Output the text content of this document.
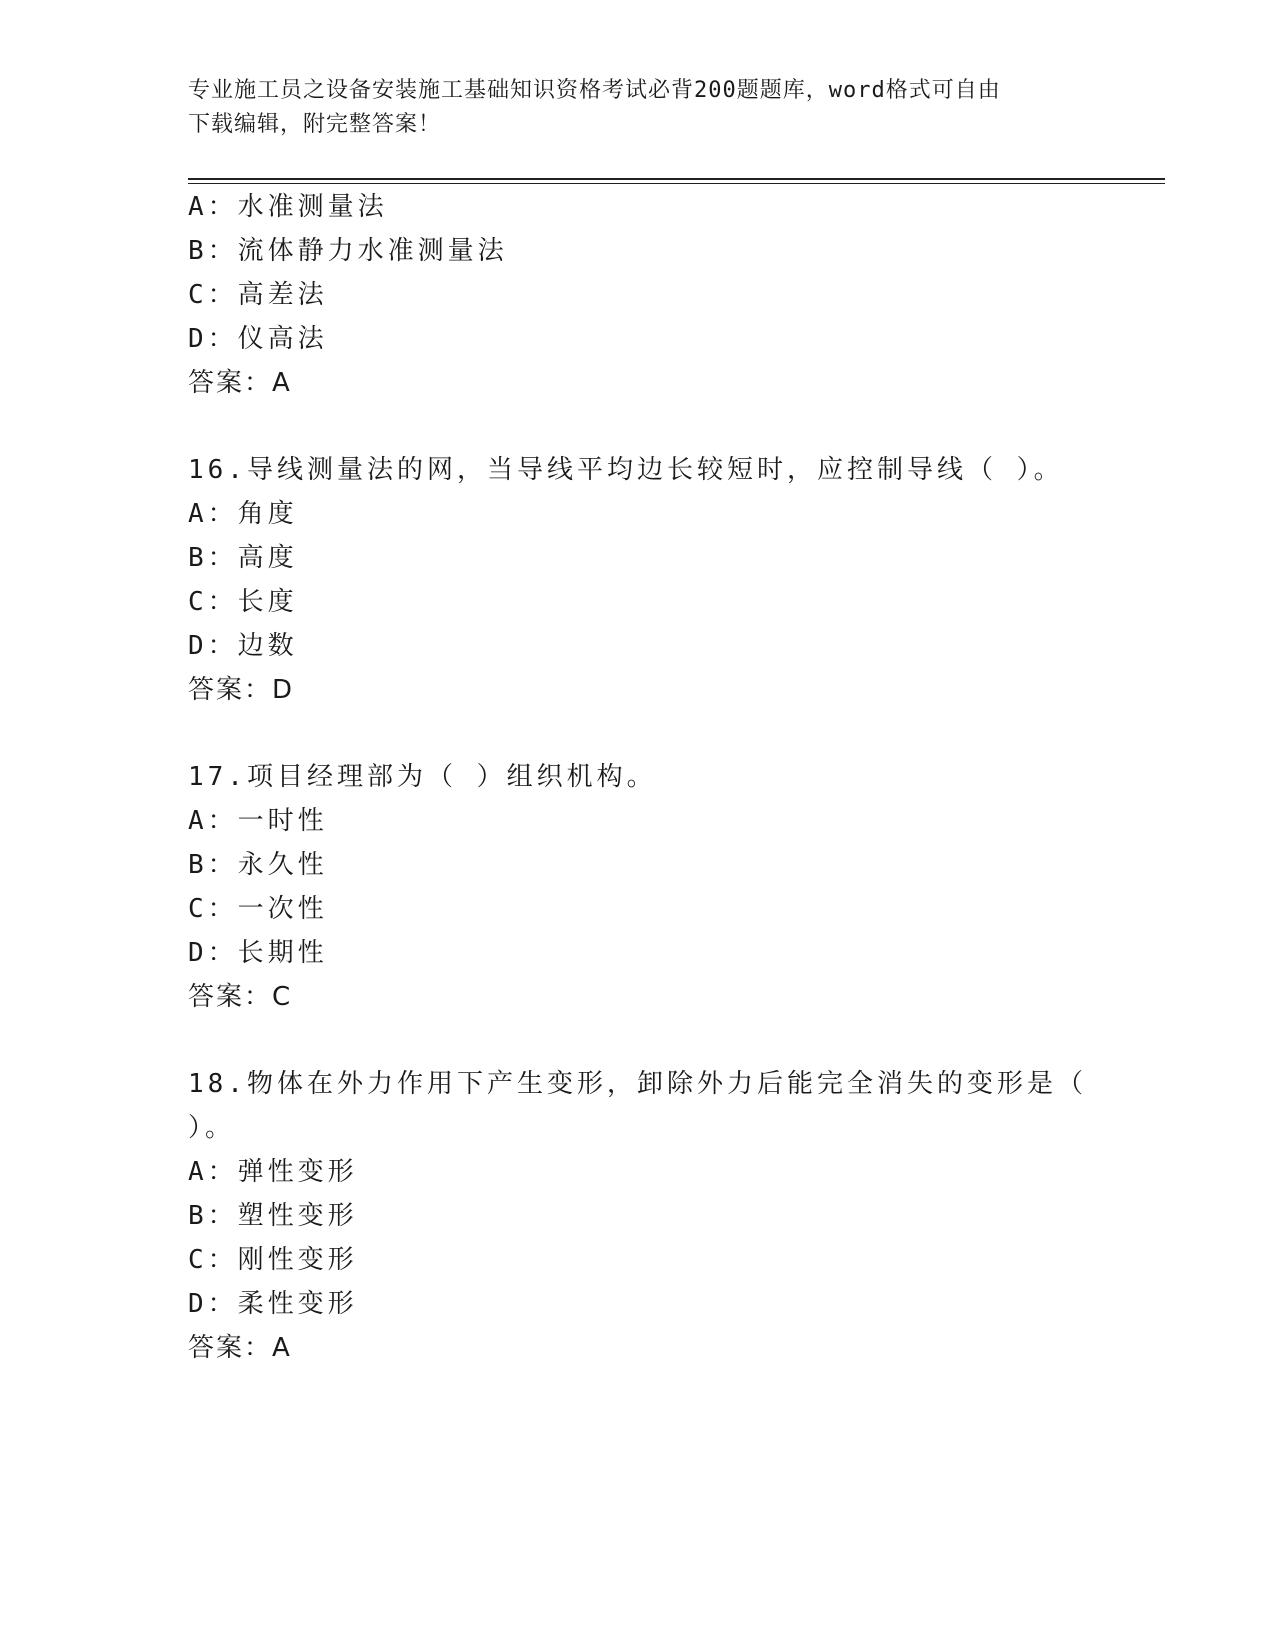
专业施工员之设备安装施工基础知识资格考试必背200题题库，word格式可自由
下载编辑，附完整答案！
A：水准测量法
B：流体静力水准测量法
C：高差法
D：仪高法
答案：A
16.导线测量法的网，当导线平均边长较短时，应控制导线（ ）。
A：角度
B：高度
C：长度
D：边数
答案：D
17.项目经理部为（ ）组织机构。
A：一时性
B：永久性
C：一次性
D：长期性
答案：C
18.物体在外力作用下产生变形，卸除外力后能完全消失的变形是（
）。
A：弹性变形
B：塑性变形
C：刚性变形
D：柔性变形
答案：A
